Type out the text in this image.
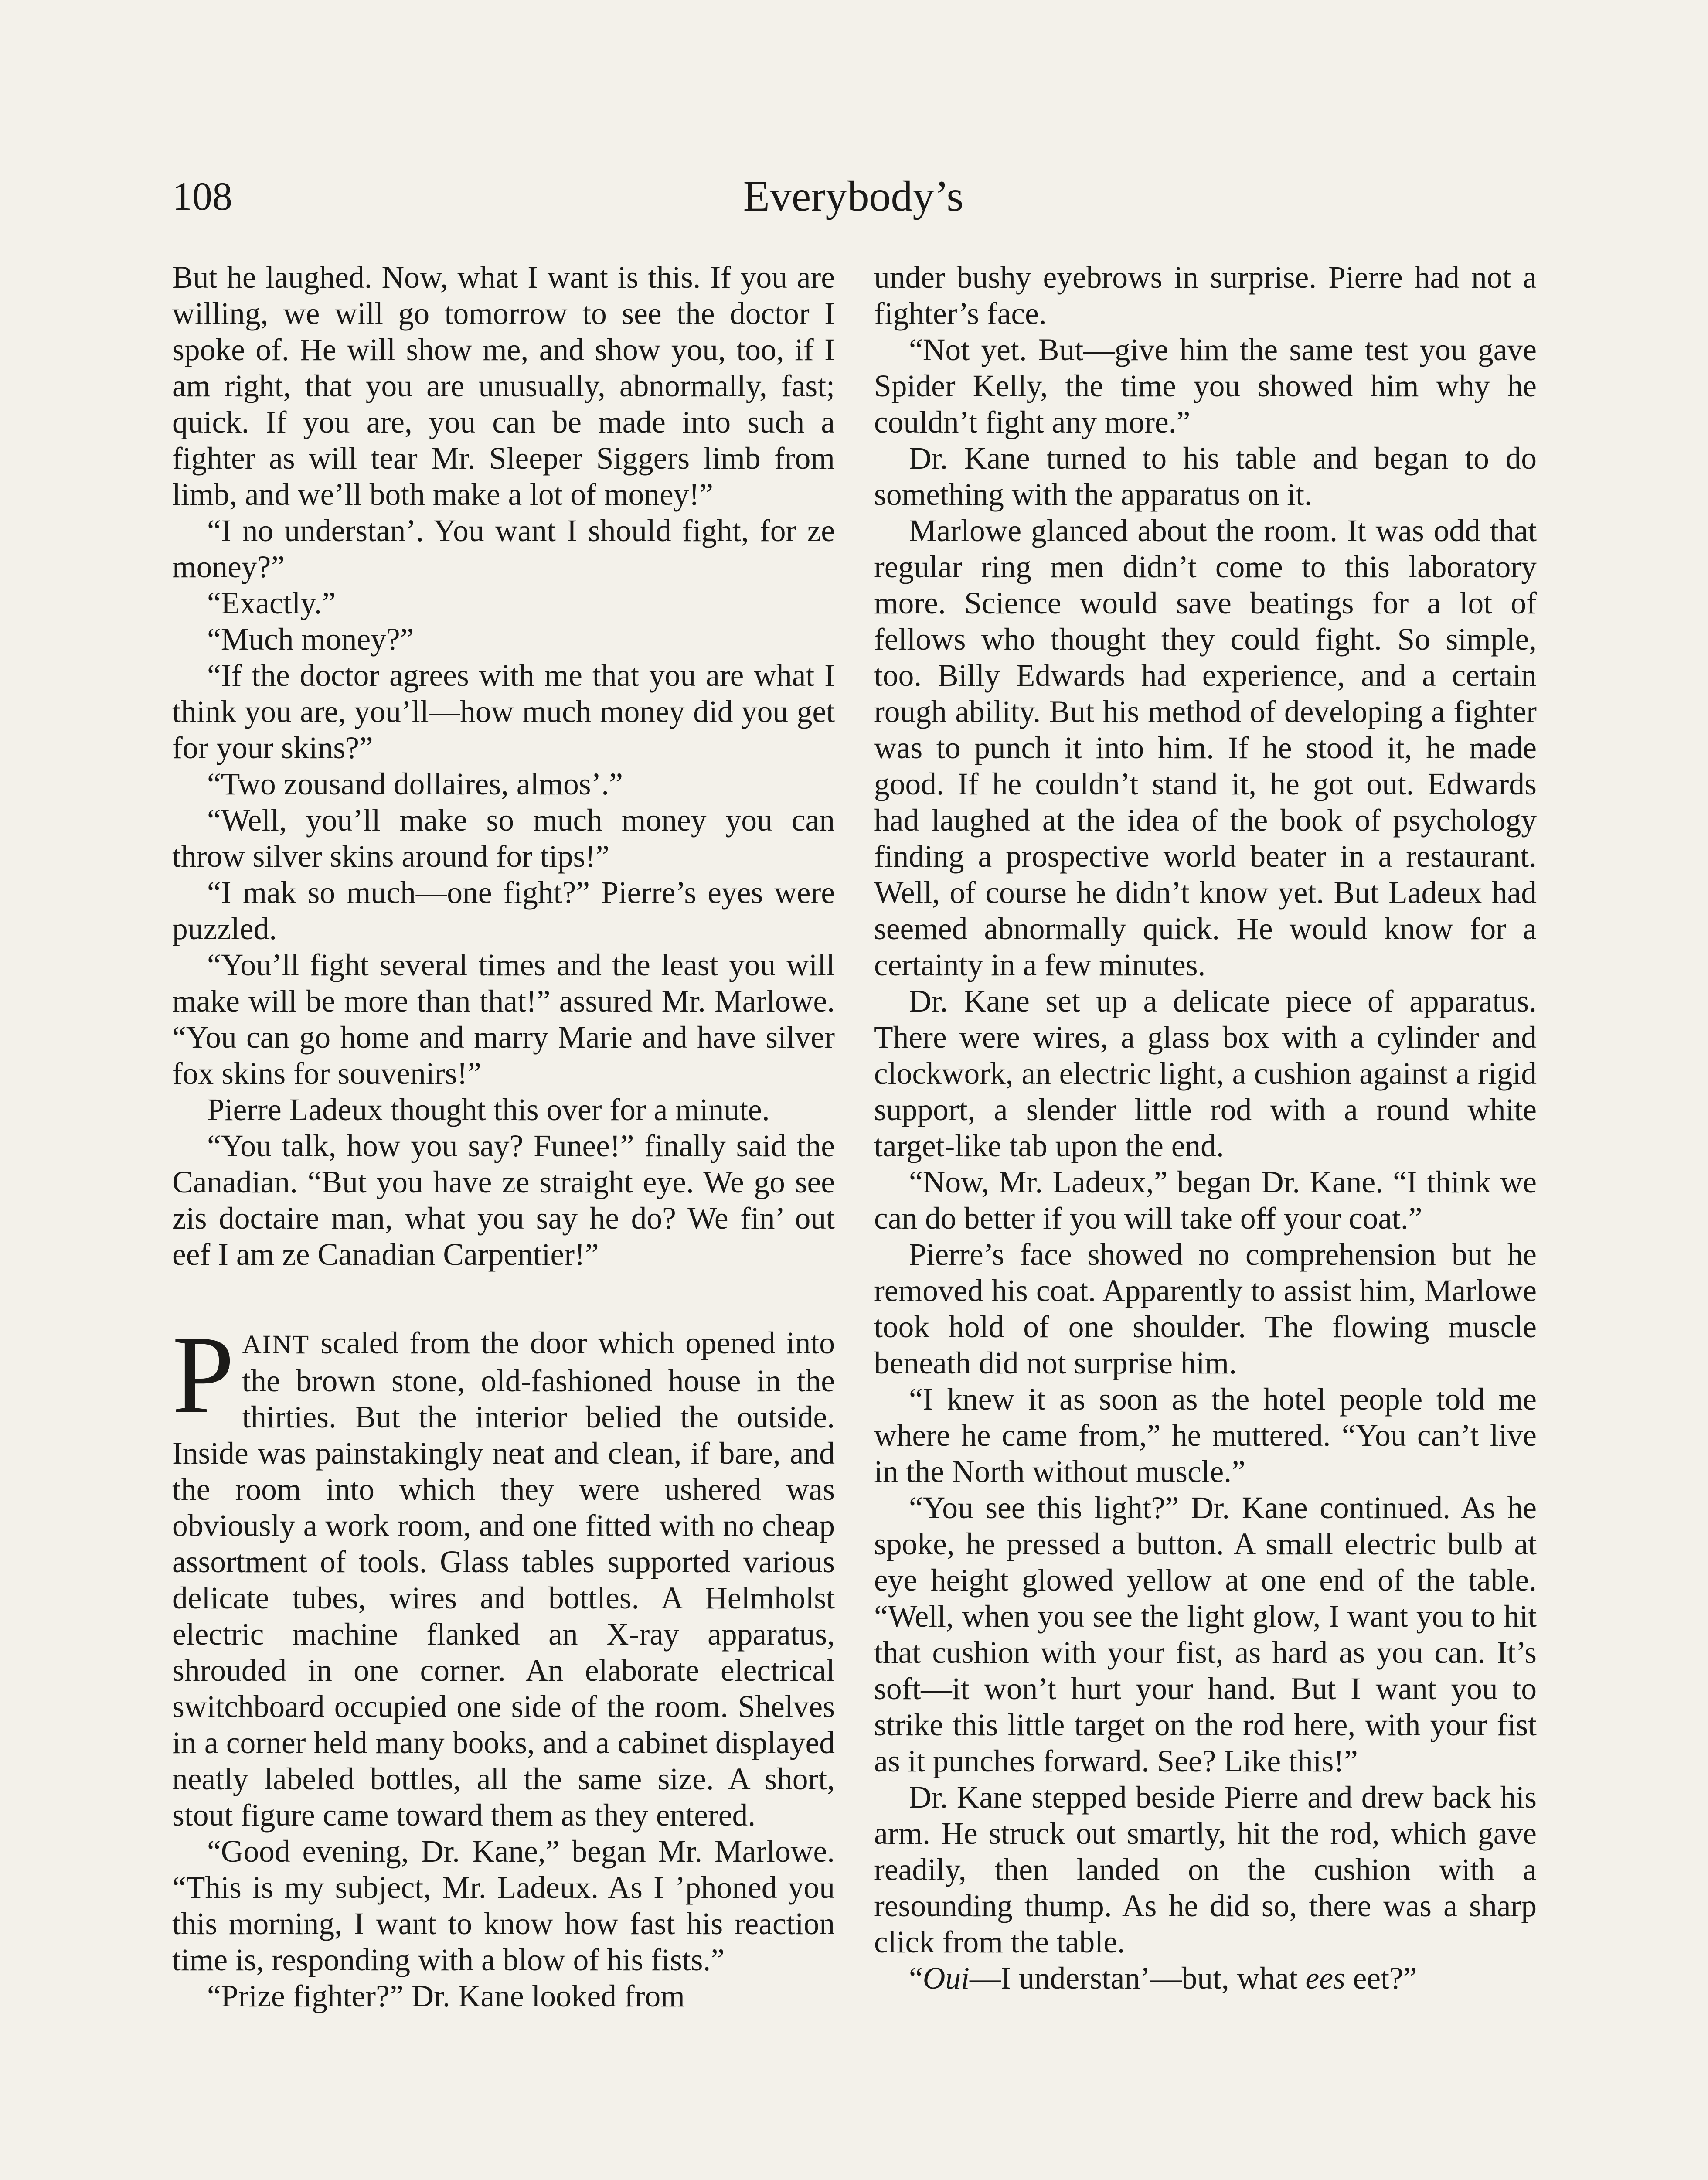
108	Everybody’s

But he laughed. Now, what I want is this. If you are willing, we will go tomorrow to see the doctor I spoke of. He will show me, and show you, too, if I am right, that you are unusually, abnormally, fast; quick. If you are, you can be made into such a fighter as will tear Mr. Sleeper Siggers limb from limb, and we’ll both make a lot of money!”

“I no understan’. You want I should fight, for ze money?”

“Exactly.”

“Much money?”

“If the doctor agrees with me that you are what I think you are, you’ll—how much money did you get for your skins?”

“Two zousand dollaires, almos’.”

“Well, you’ll make so much money you can throw silver skins around for tips!”

“I mak so much—one fight?” Pierre’s eyes were puzzled.

“You’ll fight several times and the least you will make will be more than that!” assured Mr. Marlowe. “You can go home and marry Marie and have silver fox skins for souvenirs!”

Pierre Ladeux thought this over for a minute.

“You talk, how you say? Funee!” finally said the Canadian. “But you have ze straight eye. We go see zis doctaire man, what you say he do? We fin’ out eef I am ze Canadian Carpentier!”

PAINT scaled from the door which opened into the brown stone, old-fashioned house in the thirties. But the interior belied the outside. Inside was painstakingly neat and clean, if bare, and the room into which they were ushered was obviously a work room, and one fitted with no cheap assortment of tools. Glass tables supported various delicate tubes, wires and bottles. A Helmholst electric machine flanked an X-ray apparatus, shrouded in one corner. An elaborate electrical switchboard occupied one side of the room. Shelves in a corner held many books, and a cabinet displayed neatly labeled bottles, all the same size. A short, stout figure came toward them as they entered.

“Good evening, Dr. Kane,” began Mr. Marlowe. “This is my subject, Mr. Ladeux. As I ’phoned you this morning, I want to know how fast his reaction time is, responding with a blow of his fists.”

“Prize fighter?” Dr. Kane looked from

under bushy eyebrows in surprise. Pierre had not a fighter’s face.

“Not yet. But—give him the same test you gave Spider Kelly, the time you showed him why he couldn’t fight any more.”

Dr. Kane turned to his table and began to do something with the apparatus on it.

Marlowe glanced about the room. It was odd that regular ring men didn’t come to this laboratory more. Science would save beatings for a lot of fellows who thought they could fight. So simple, too. Billy Edwards had experience, and a certain rough ability. But his method of developing a fighter was to punch it into him. If he stood it, he made good. If he couldn’t stand it, he got out. Edwards had laughed at the idea of the book of psychology finding a prospective world beater in a restaurant. Well, of course he didn’t know yet. But Ladeux had seemed abnormally quick. He would know for a certainty in a few minutes.

Dr. Kane set up a delicate piece of apparatus. There were wires, a glass box with a cylinder and clockwork, an electric light, a cushion against a rigid support, a slender little rod with a round white target-like tab upon the end.

“Now, Mr. Ladeux,” began Dr. Kane. “I think we can do better if you will take off your coat.”

Pierre’s face showed no comprehension but he removed his coat. Apparently to assist him, Marlowe took hold of one shoulder. The flowing muscle beneath did not surprise him.

“I knew it as soon as the hotel people told me where he came from,” he muttered. “You can’t live in the North without muscle.”

“You see this light?” Dr. Kane continued. As he spoke, he pressed a button. A small electric bulb at eye height glowed yellow at one end of the table. “Well, when you see the light glow, I want you to hit that cushion with your fist, as hard as you can. It’s soft—it won’t hurt your hand. But I want you to strike this little target on the rod here, with your fist as it punches forward. See? Like this!”

Dr. Kane stepped beside Pierre and drew back his arm. He struck out smartly, hit the rod, which gave readily, then landed on the cushion with a resounding thump. As he did so, there was a sharp click from the table.

“Oui—I understan’—but, what ees eet?”
